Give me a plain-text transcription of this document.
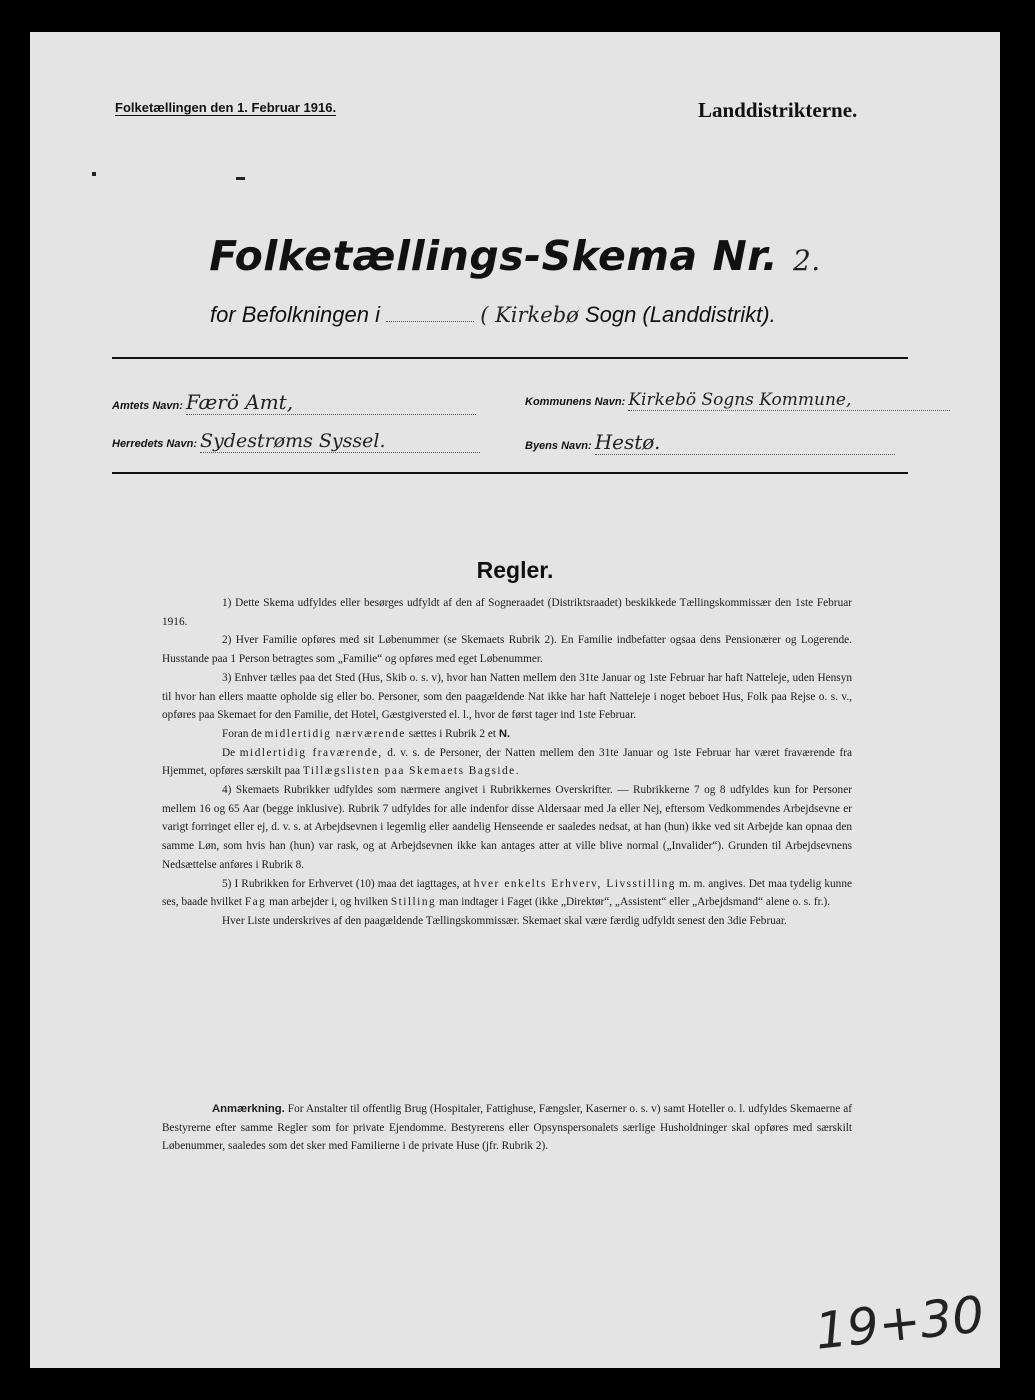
Folketællingen den 1. Februar 1916.	Landdistrikterne.
Folketællings-Skema Nr. 2.
for Befolkningen i	( Kirkebø Sogn (Landdistrikt).
Amtets Navn: Færö Amt,	Kommunens Navn: Kirkebö Sogns Kommune,
Herredets Navn: Sydestrøms Syssel.	Byens Navn: Hestø.
Regler.

1) Dette Skema udfyldes eller besørges udfyldt af den af Sogneraadet (Distriktsraadet) beskikkede Tællingskommissær den 1ste Februar 1916.

2) Hver Familie opføres med sit Løbenummer (se Skemaets Rubrik 2). En Familie indbefatter ogsaa dens Pensionærer og Logerende. Husstande paa 1 Person betragtes som „Familie“ og opføres med eget Løbenummer.

3) Enhver tælles paa det Sted (Hus, Skib o. s. v), hvor han Natten mellem den 31te Januar og 1ste Februar har haft Natteleje, uden Hensyn til hvor han ellers maatte opholde sig eller bo. Personer, som den paagældende Nat ikke har haft Natteleje i noget beboet Hus, Folk paa Rejse o. s. v., opføres paa Skemaet for den Familie, det Hotel, Gæstgiversted el. l., hvor de først tager ind 1ste Februar.

Foran de midlertidig nærværende sættes i Rubrik 2 et N.

De midlertidig fraværende, d. v. s. de Personer, der Natten mellem den 31te Januar og 1ste Februar har været fraværende fra Hjemmet, opføres særskilt paa Tillægslisten paa Skemaets Bagside.

4) Skemaets Rubrikker udfyldes som nærmere angivet i Rubrikkernes Overskrifter. — Rubrikkerne 7 og 8 udfyldes kun for Personer mellem 16 og 65 Aar (begge inklusive). Rubrik 7 udfyldes for alle indenfor disse Aldersaar med Ja eller Nej, eftersom Vedkommendes Arbejdsevne er varigt forringet eller ej, d. v. s. at Arbejdsevnen i legemlig eller aandelig Henseende er saaledes nedsat, at han (hun) ikke ved sit Arbejde kan opnaa den samme Løn, som hvis han (hun) var rask, og at Arbejdsevnen ikke kan antages atter at ville blive normal („Invalider“). Grunden til Arbejdsevnens Nedsættelse anføres i Rubrik 8.

5) I Rubrikken for Erhvervet (10) maa det iagttages, at hver enkelts Erhverv, Livsstilling m. m. angives. Det maa tydelig kunne ses, baade hvilket Fag man arbejder i, og hvilken Stilling man indtager i Faget (ikke „Direktør“, „Assistent“ eller „Arbejdsmand“ alene o. s. fr.).

Hver Liste underskrives af den paagældende Tællingskommissær. Skemaet skal være færdig udfyldt senest den 3die Februar.

Anmærkning. For Anstalter til offentlig Brug (Hospitaler, Fattighuse, Fængsler, Kaserner o. s. v) samt Hoteller o. l. udfyldes Skemaerne af Bestyrerne efter samme Regler som for private Ejendomme. Bestyrerens eller Opsynspersonalets særlige Husholdninger skal opføres med særskilt Løbenummer, saaledes som det sker med Familierne i de private Huse (jfr. Rubrik 2).

19+30
